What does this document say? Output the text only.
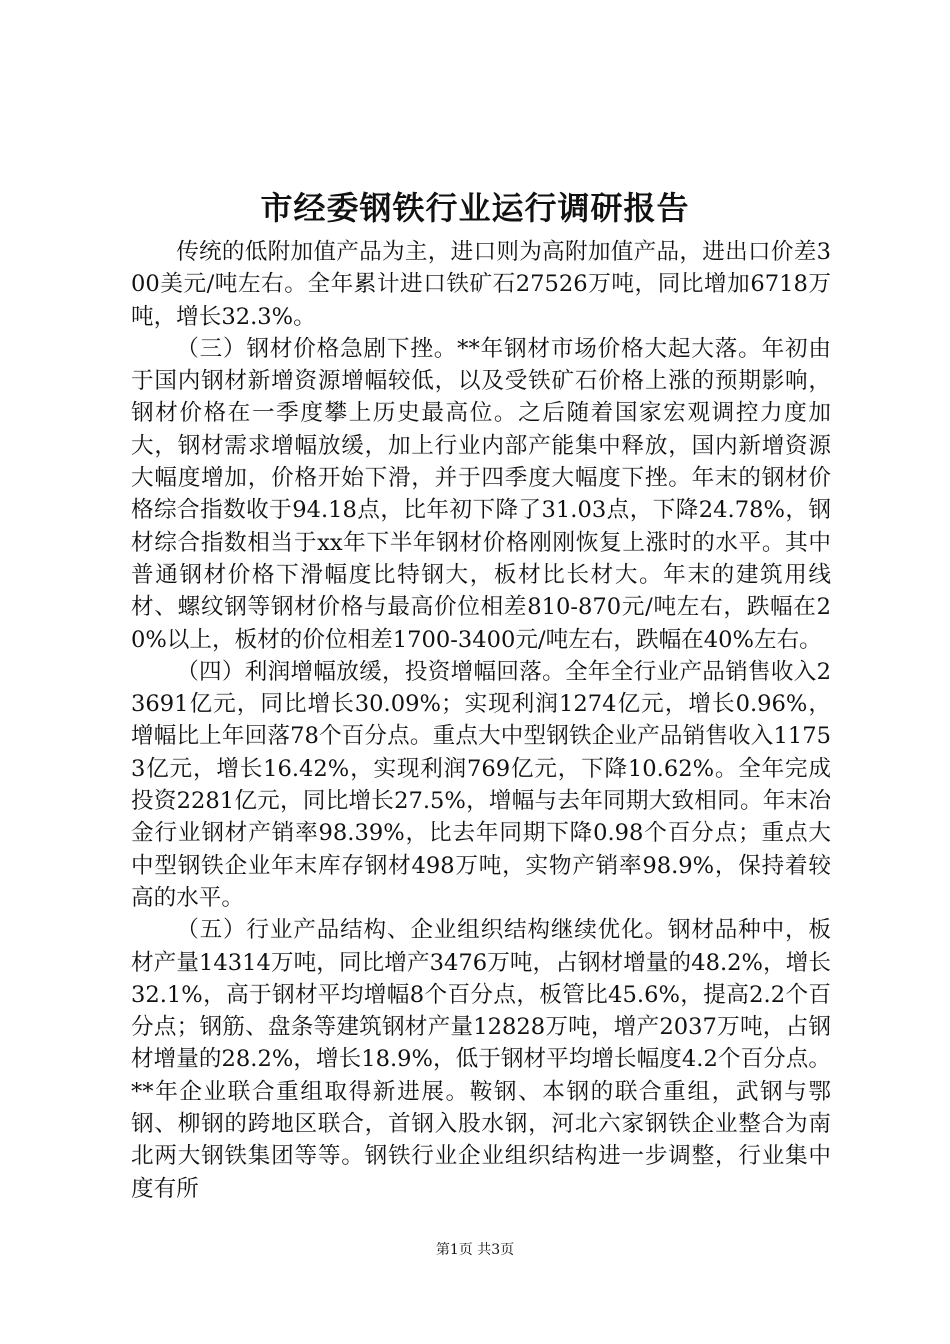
市经委钢铁行业运行调研报告

传统的低附加值产品为主，进口则为高附加值产品，进出口价差300美元/吨左右。全年累计进口铁矿石27526万吨，同比增加6718万吨，增长32.3%。

（三）钢材价格急剧下挫。**年钢材市场价格大起大落。年初由于国内钢材新增资源增幅较低，以及受铁矿石价格上涨的预期影响，钢材价格在一季度攀上历史最高位。之后随着国家宏观调控力度加大，钢材需求增幅放缓，加上行业内部产能集中释放，国内新增资源大幅度增加，价格开始下滑，并于四季度大幅度下挫。年末的钢材价格综合指数收于94.18点，比年初下降了31.03点，下降24.78%，钢材综合指数相当于xx年下半年钢材价格刚刚恢复上涨时的水平。其中普通钢材价格下滑幅度比特钢大，板材比长材大。年末的建筑用线材、螺纹钢等钢材价格与最高价位相差810-870元/吨左右，跌幅在20%以上，板材的价位相差1700-3400元/吨左右，跌幅在40%左右。

（四）利润增幅放缓，投资增幅回落。全年全行业产品销售收入23691亿元，同比增长30.09%；实现利润1274亿元，增长0.96%，增幅比上年回落78个百分点。重点大中型钢铁企业产品销售收入11753亿元，增长16.42%，实现利润769亿元，下降10.62%。全年完成投资2281亿元，同比增长27.5%，增幅与去年同期大致相同。年末冶金行业钢材产销率98.39%，比去年同期下降0.98个百分点；重点大中型钢铁企业年末库存钢材498万吨，实物产销率98.9%，保持着较高的水平。

（五）行业产品结构、企业组织结构继续优化。钢材品种中，板材产量14314万吨，同比增产3476万吨，占钢材增量的48.2%，增长32.1%，高于钢材平均增幅8个百分点，板管比45.6%，提高2.2个百分点；钢筋、盘条等建筑钢材产量12828万吨，增产2037万吨，占钢材增量的28.2%，增长18.9%，低于钢材平均增长幅度4.2个百分点。**年企业联合重组取得新进展。鞍钢、本钢的联合重组，武钢与鄂钢、柳钢的跨地区联合，首钢入股水钢，河北六家钢铁企业整合为南北两大钢铁集团等等。钢铁行业企业组织结构进一步调整，行业集中度有所

第1页 共3页
